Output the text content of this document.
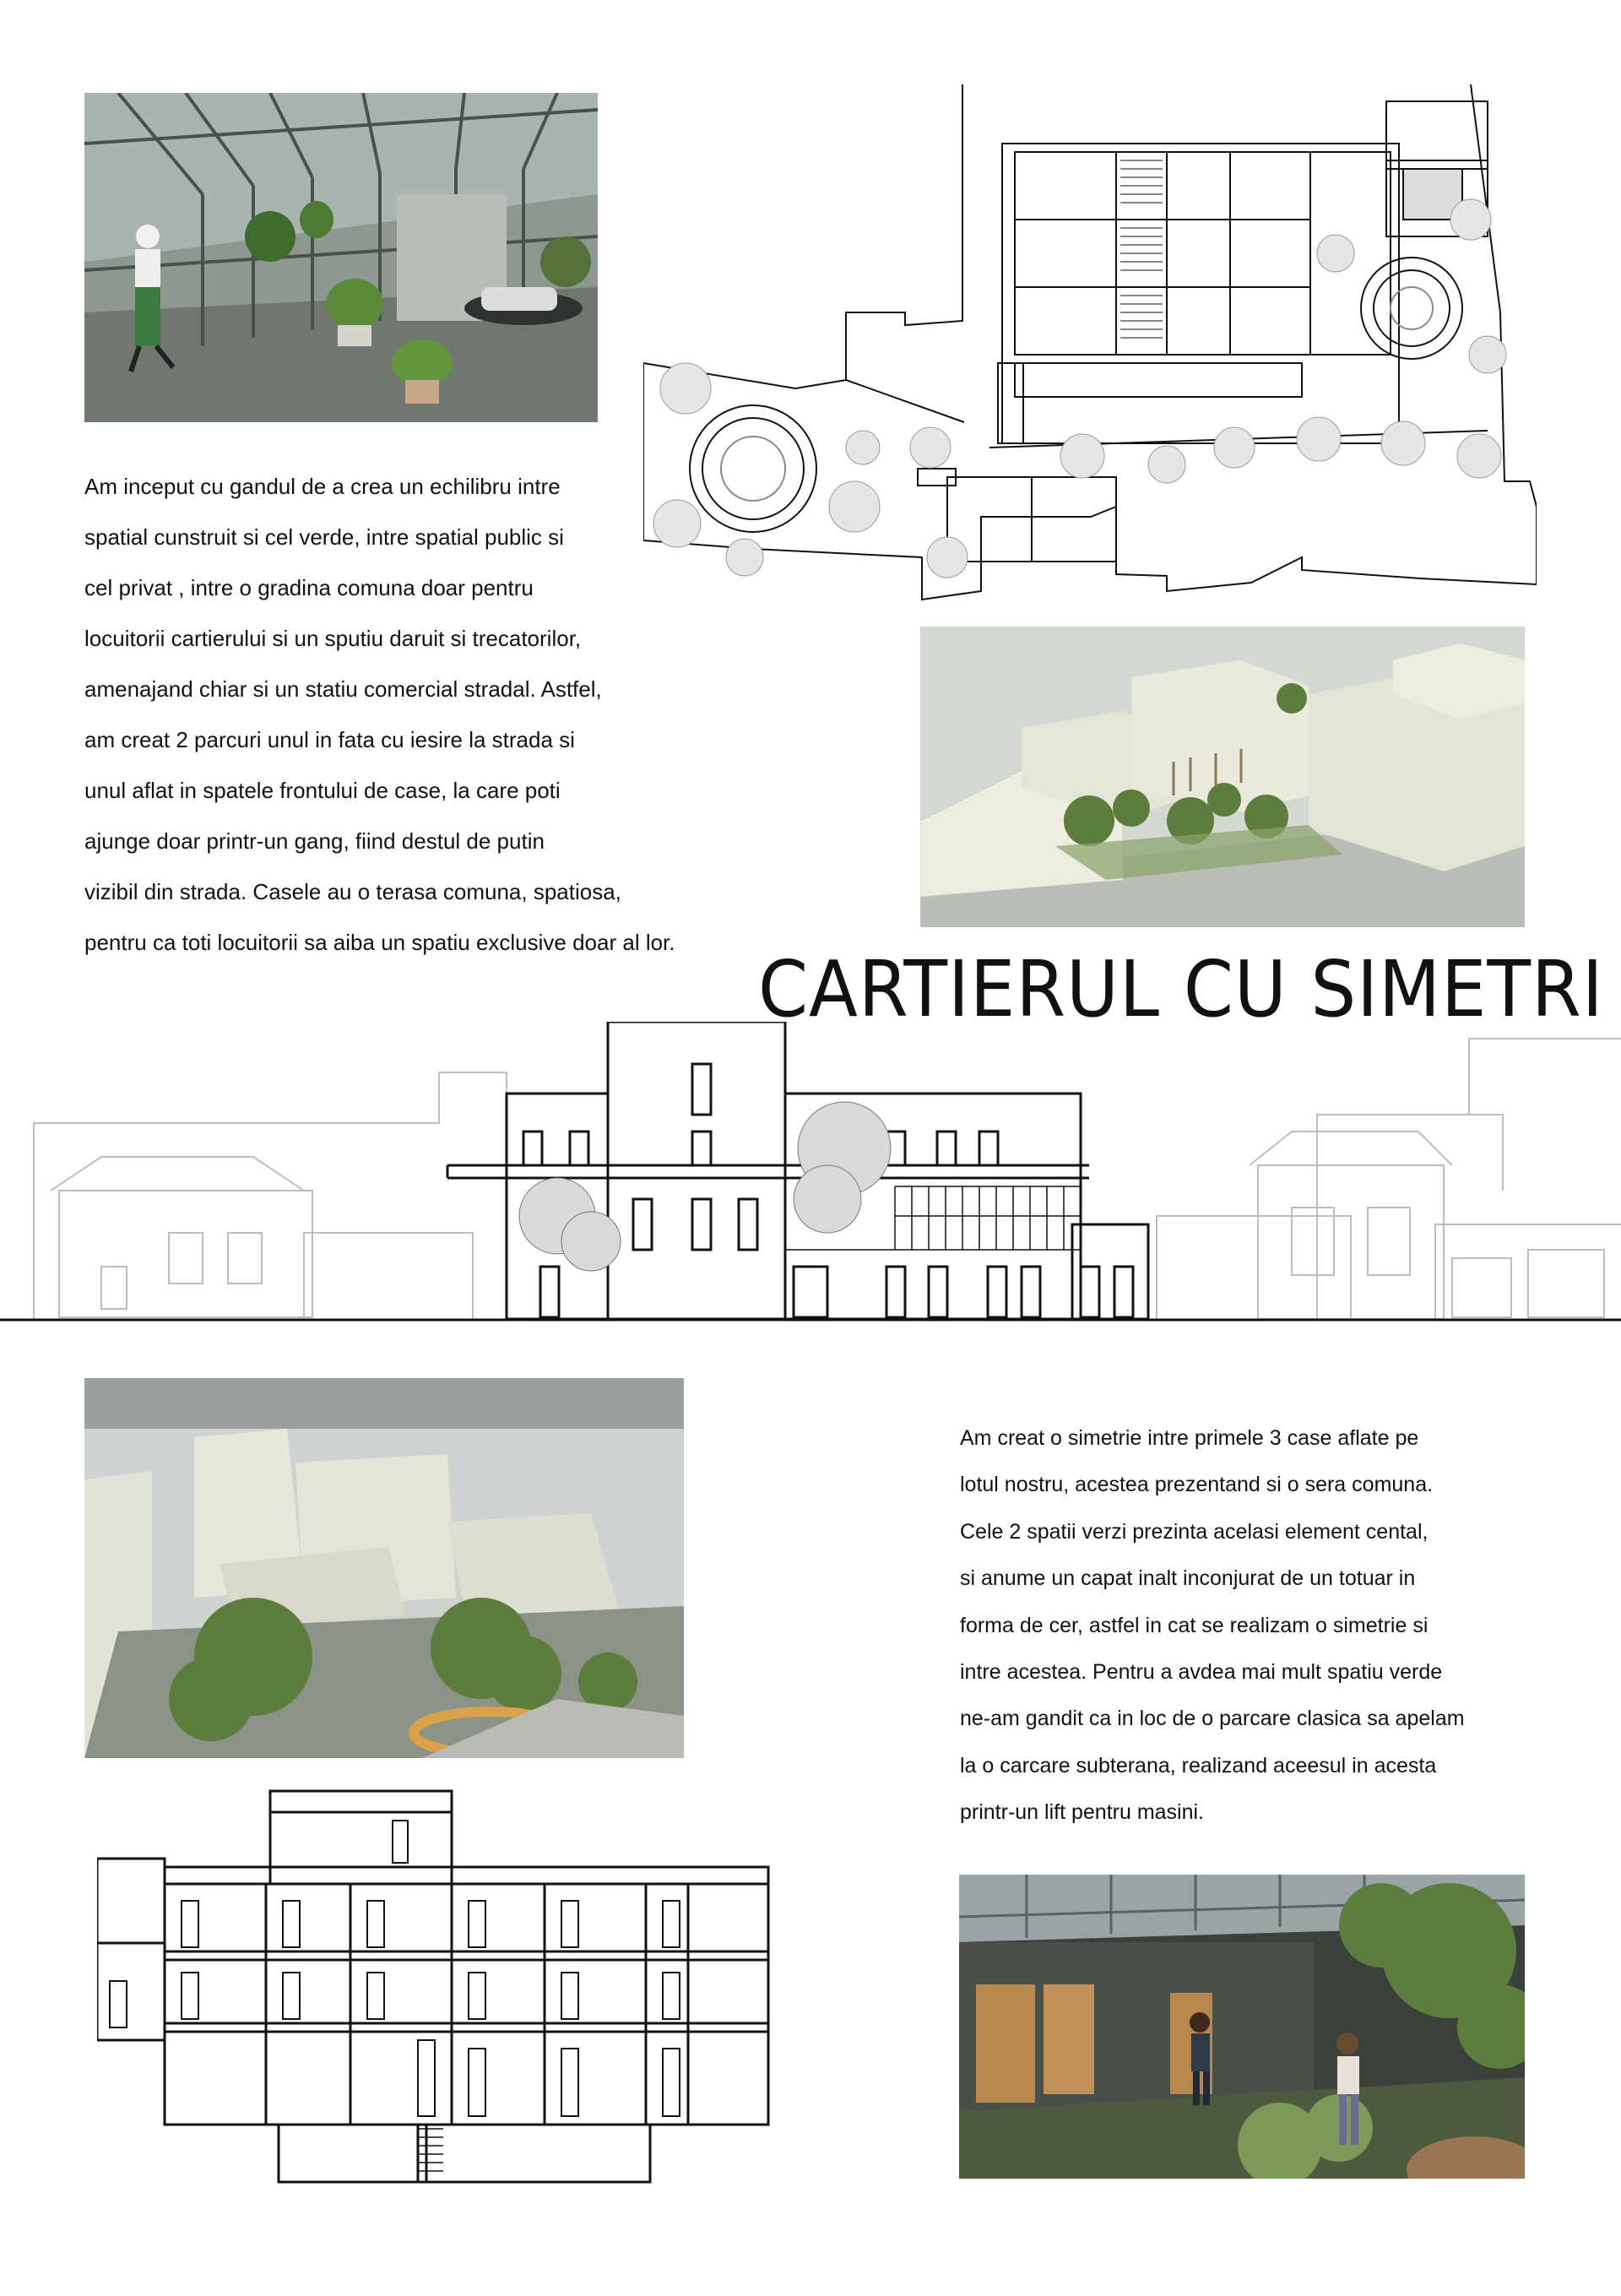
Am inceput cu gandul de a crea un echilibru intre

spatial cunstruit si cel verde, intre spatial public si

cel privat , intre o gradina comuna doar pentru

locuitorii cartierului si un sputiu daruit si trecatorilor,

amenajand chiar si un statiu comercial stradal. Astfel,

am creat 2 parcuri unul in fata cu iesire la strada si

unul aflat in spatele frontului de case, la care poti

ajunge doar printr-un gang, fiind destul de putin

vizibil din strada. Casele au o terasa comuna, spatiosa,

pentru ca toti locuitorii sa aiba un spatiu exclusive doar al lor.

CARTIERUL CU SIMETRI

Am creat o simetrie intre primele 3 case aflate pe

lotul nostru, acestea prezentand si o sera comuna.

Cele 2 spatii verzi prezinta acelasi element cental,

si anume un capat inalt inconjurat de un totuar in

forma de cer, astfel in cat se realizam o simetrie si

intre acestea. Pentru a avdea mai mult spatiu verde

ne-am gandit ca in loc de o parcare clasica sa apelam

la o carcare subterana, realizand aceesul in acesta

printr-un lift pentru masini.
